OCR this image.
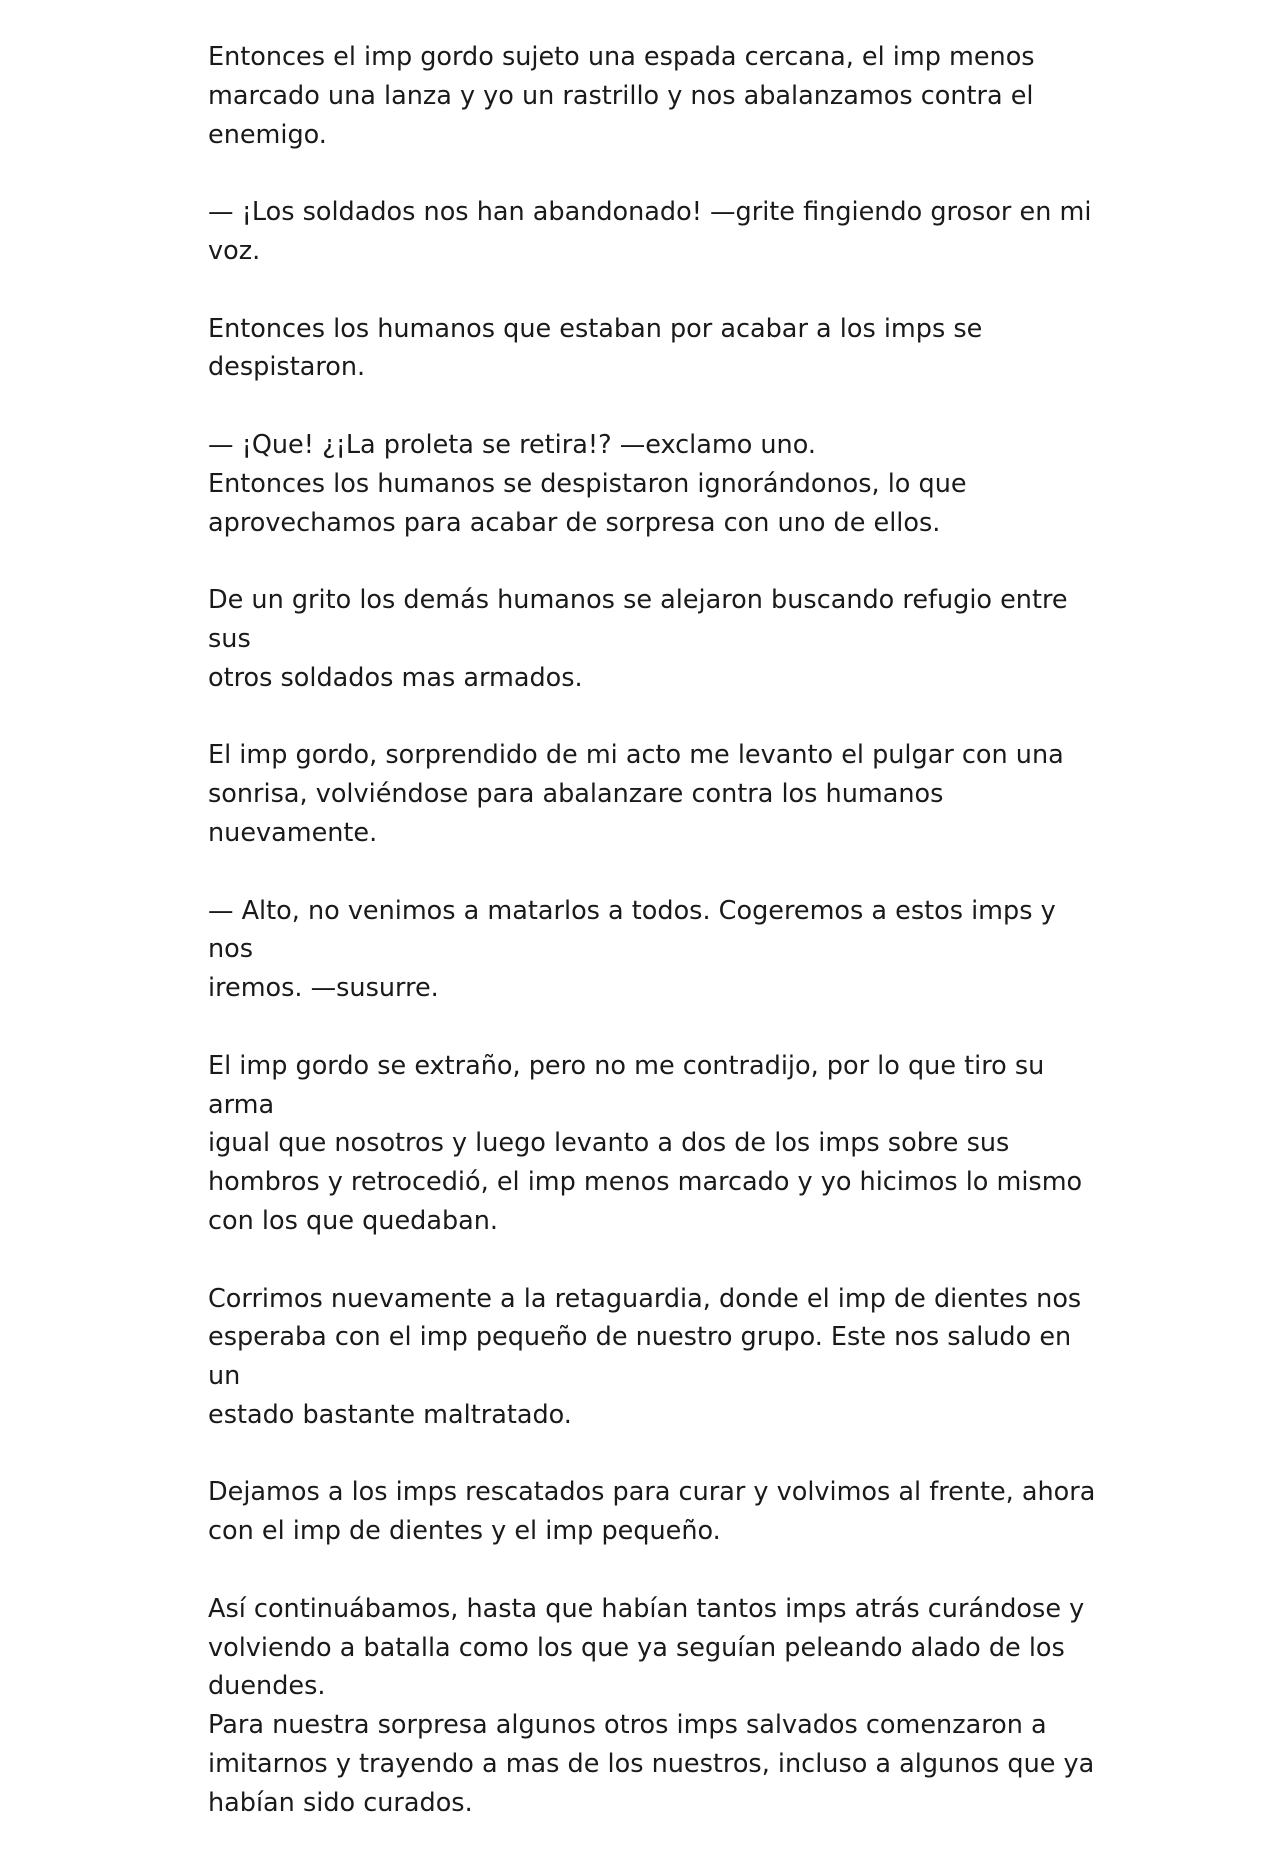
Entonces el imp gordo sujeto una espada cercana, el imp menos
marcado una lanza y yo un rastrillo y nos abalanzamos contra el
enemigo.

— ¡Los soldados nos han abandonado! —grite fingiendo grosor en mi
voz.

Entonces los humanos que estaban por acabar a los imps se
despistaron.

— ¡Que! ¿¡La proleta se retira!? —exclamo uno.

Entonces los humanos se despistaron ignorándonos, lo que
aprovechamos para acabar de sorpresa con uno de ellos.

De un grito los demás humanos se alejaron buscando refugio entre sus
otros soldados mas armados.

El imp gordo, sorprendido de mi acto me levanto el pulgar con una
sonrisa, volviéndose para abalanzare contra los humanos
nuevamente.

— Alto, no venimos a matarlos a todos. Cogeremos a estos imps y nos
iremos. —susurre.

El imp gordo se extraño, pero no me contradijo, por lo que tiro su arma
igual que nosotros y luego levanto a dos de los imps sobre sus
hombros y retrocedió, el imp menos marcado y yo hicimos lo mismo
con los que quedaban.

Corrimos nuevamente a la retaguardia, donde el imp de dientes nos
esperaba con el imp pequeño de nuestro grupo. Este nos saludo en un
estado bastante maltratado.

Dejamos a los imps rescatados para curar y volvimos al frente, ahora
con el imp de dientes y el imp pequeño.

Así continuábamos, hasta que habían tantos imps atrás curándose y
volviendo a batalla como los que ya seguían peleando alado de los
duendes.

Para nuestra sorpresa algunos otros imps salvados comenzaron a
imitarnos y trayendo a mas de los nuestros, incluso a algunos que ya
habían sido curados.
